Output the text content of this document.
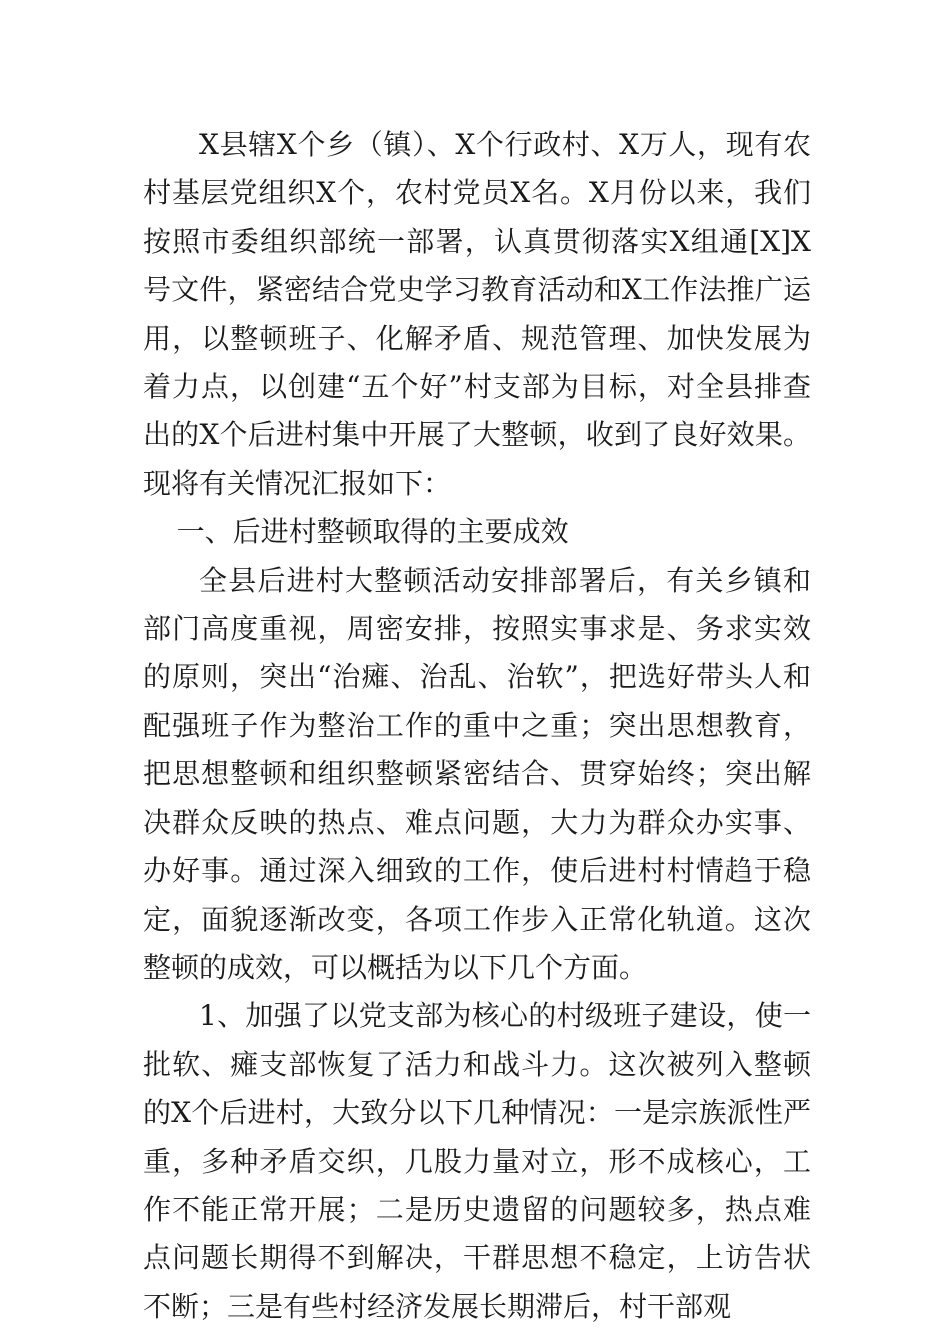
X县辖X个乡（镇）、X个行政村、X万人，现有农村基层党组织X个，农村党员X名。X月份以来，我们按照市委组织部统一部署，认真贯彻落实X组通[X]X号文件，紧密结合党史学习教育活动和X工作法推广运用，以整顿班子、化解矛盾、规范管理、加快发展为着力点，以创建“五个好”村支部为目标，对全县排查出的X个后进村集中开展了大整顿，收到了良好效果。现将有关情况汇报如下：

一、后进村整顿取得的主要成效

全县后进村大整顿活动安排部署后，有关乡镇和部门高度重视，周密安排，按照实事求是、务求实效的原则，突出“治瘫、治乱、治软”，把选好带头人和配强班子作为整治工作的重中之重；突出思想教育，把思想整顿和组织整顿紧密结合、贯穿始终；突出解决群众反映的热点、难点问题，大力为群众办实事、办好事。通过深入细致的工作，使后进村村情趋于稳定，面貌逐渐改变，各项工作步入正常化轨道。这次整顿的成效，可以概括为以下几个方面。

1、加强了以党支部为核心的村级班子建设，使一批软、瘫支部恢复了活力和战斗力。这次被列入整顿的X个后进村，大致分以下几种情况：一是宗族派性严重，多种矛盾交织，几股力量对立，形不成核心，工作不能正常开展；二是历史遗留的问题较多，热点难点问题长期得不到解决，干群思想不稳定，上访告状不断；三是有些村经济发展长期滞后，村干部观
